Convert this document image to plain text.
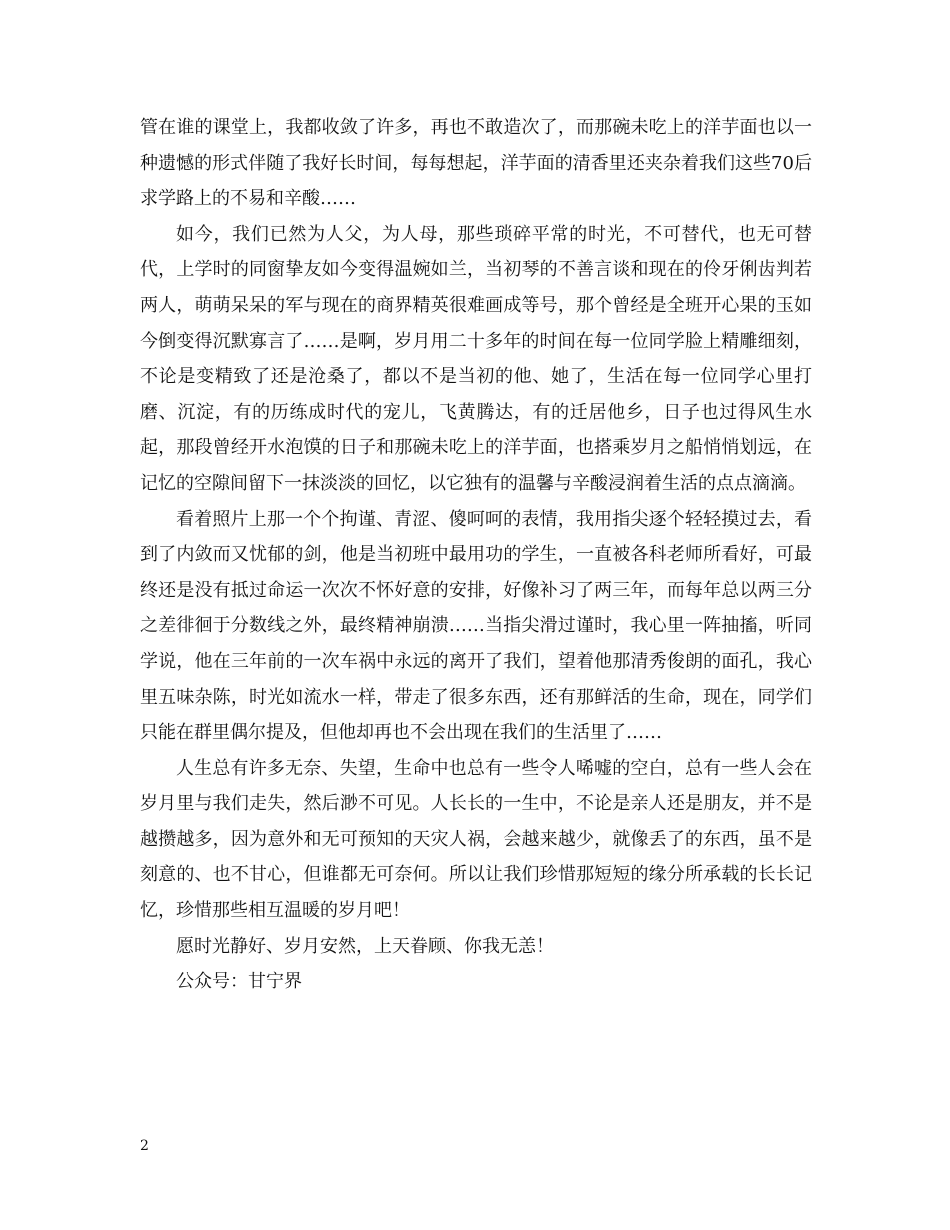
管在谁的课堂上，我都收敛了许多，再也不敢造次了，而那碗未吃上的洋芋面也以一种遗憾的形式伴随了我好长时间，每每想起，洋芋面的清香里还夹杂着我们这些70后求学路上的不易和辛酸……

如今，我们已然为人父，为人母，那些琐碎平常的时光，不可替代，也无可替代，上学时的同窗挚友如今变得温婉如兰，当初琴的不善言谈和现在的伶牙俐齿判若两人，萌萌呆呆的军与现在的商界精英很难画成等号，那个曾经是全班开心果的玉如今倒变得沉默寡言了……是啊，岁月用二十多年的时间在每一位同学脸上精雕细刻，不论是变精致了还是沧桑了，都以不是当初的他、她了，生活在每一位同学心里打磨、沉淀，有的历练成时代的宠儿，飞黄腾达，有的迁居他乡，日子也过得风生水起，那段曾经开水泡馍的日子和那碗未吃上的洋芋面，也搭乘岁月之船悄悄划远，在记忆的空隙间留下一抹淡淡的回忆，以它独有的温馨与辛酸浸润着生活的点点滴滴。

看着照片上那一个个拘谨、青涩、傻呵呵的表情，我用指尖逐个轻轻摸过去，看到了内敛而又忧郁的剑，他是当初班中最用功的学生，一直被各科老师所看好，可最终还是没有抵过命运一次次不怀好意的安排，好像补习了两三年，而每年总以两三分之差徘徊于分数线之外，最终精神崩溃……当指尖滑过谨时，我心里一阵抽搐，听同学说，他在三年前的一次车祸中永远的离开了我们，望着他那清秀俊朗的面孔，我心里五味杂陈，时光如流水一样，带走了很多东西，还有那鲜活的生命，现在，同学们只能在群里偶尔提及，但他却再也不会出现在我们的生活里了……

人生总有许多无奈、失望，生命中也总有一些令人唏嘘的空白，总有一些人会在岁月里与我们走失，然后渺不可见。人长长的一生中，不论是亲人还是朋友，并不是越攒越多，因为意外和无可预知的天灾人祸，会越来越少，就像丢了的东西，虽不是刻意的、也不甘心，但谁都无可奈何。所以让我们珍惜那短短的缘分所承载的长长记忆，珍惜那些相互温暖的岁月吧！

愿时光静好、岁月安然，上天眷顾、你我无恙！

公众号：甘宁界

2
